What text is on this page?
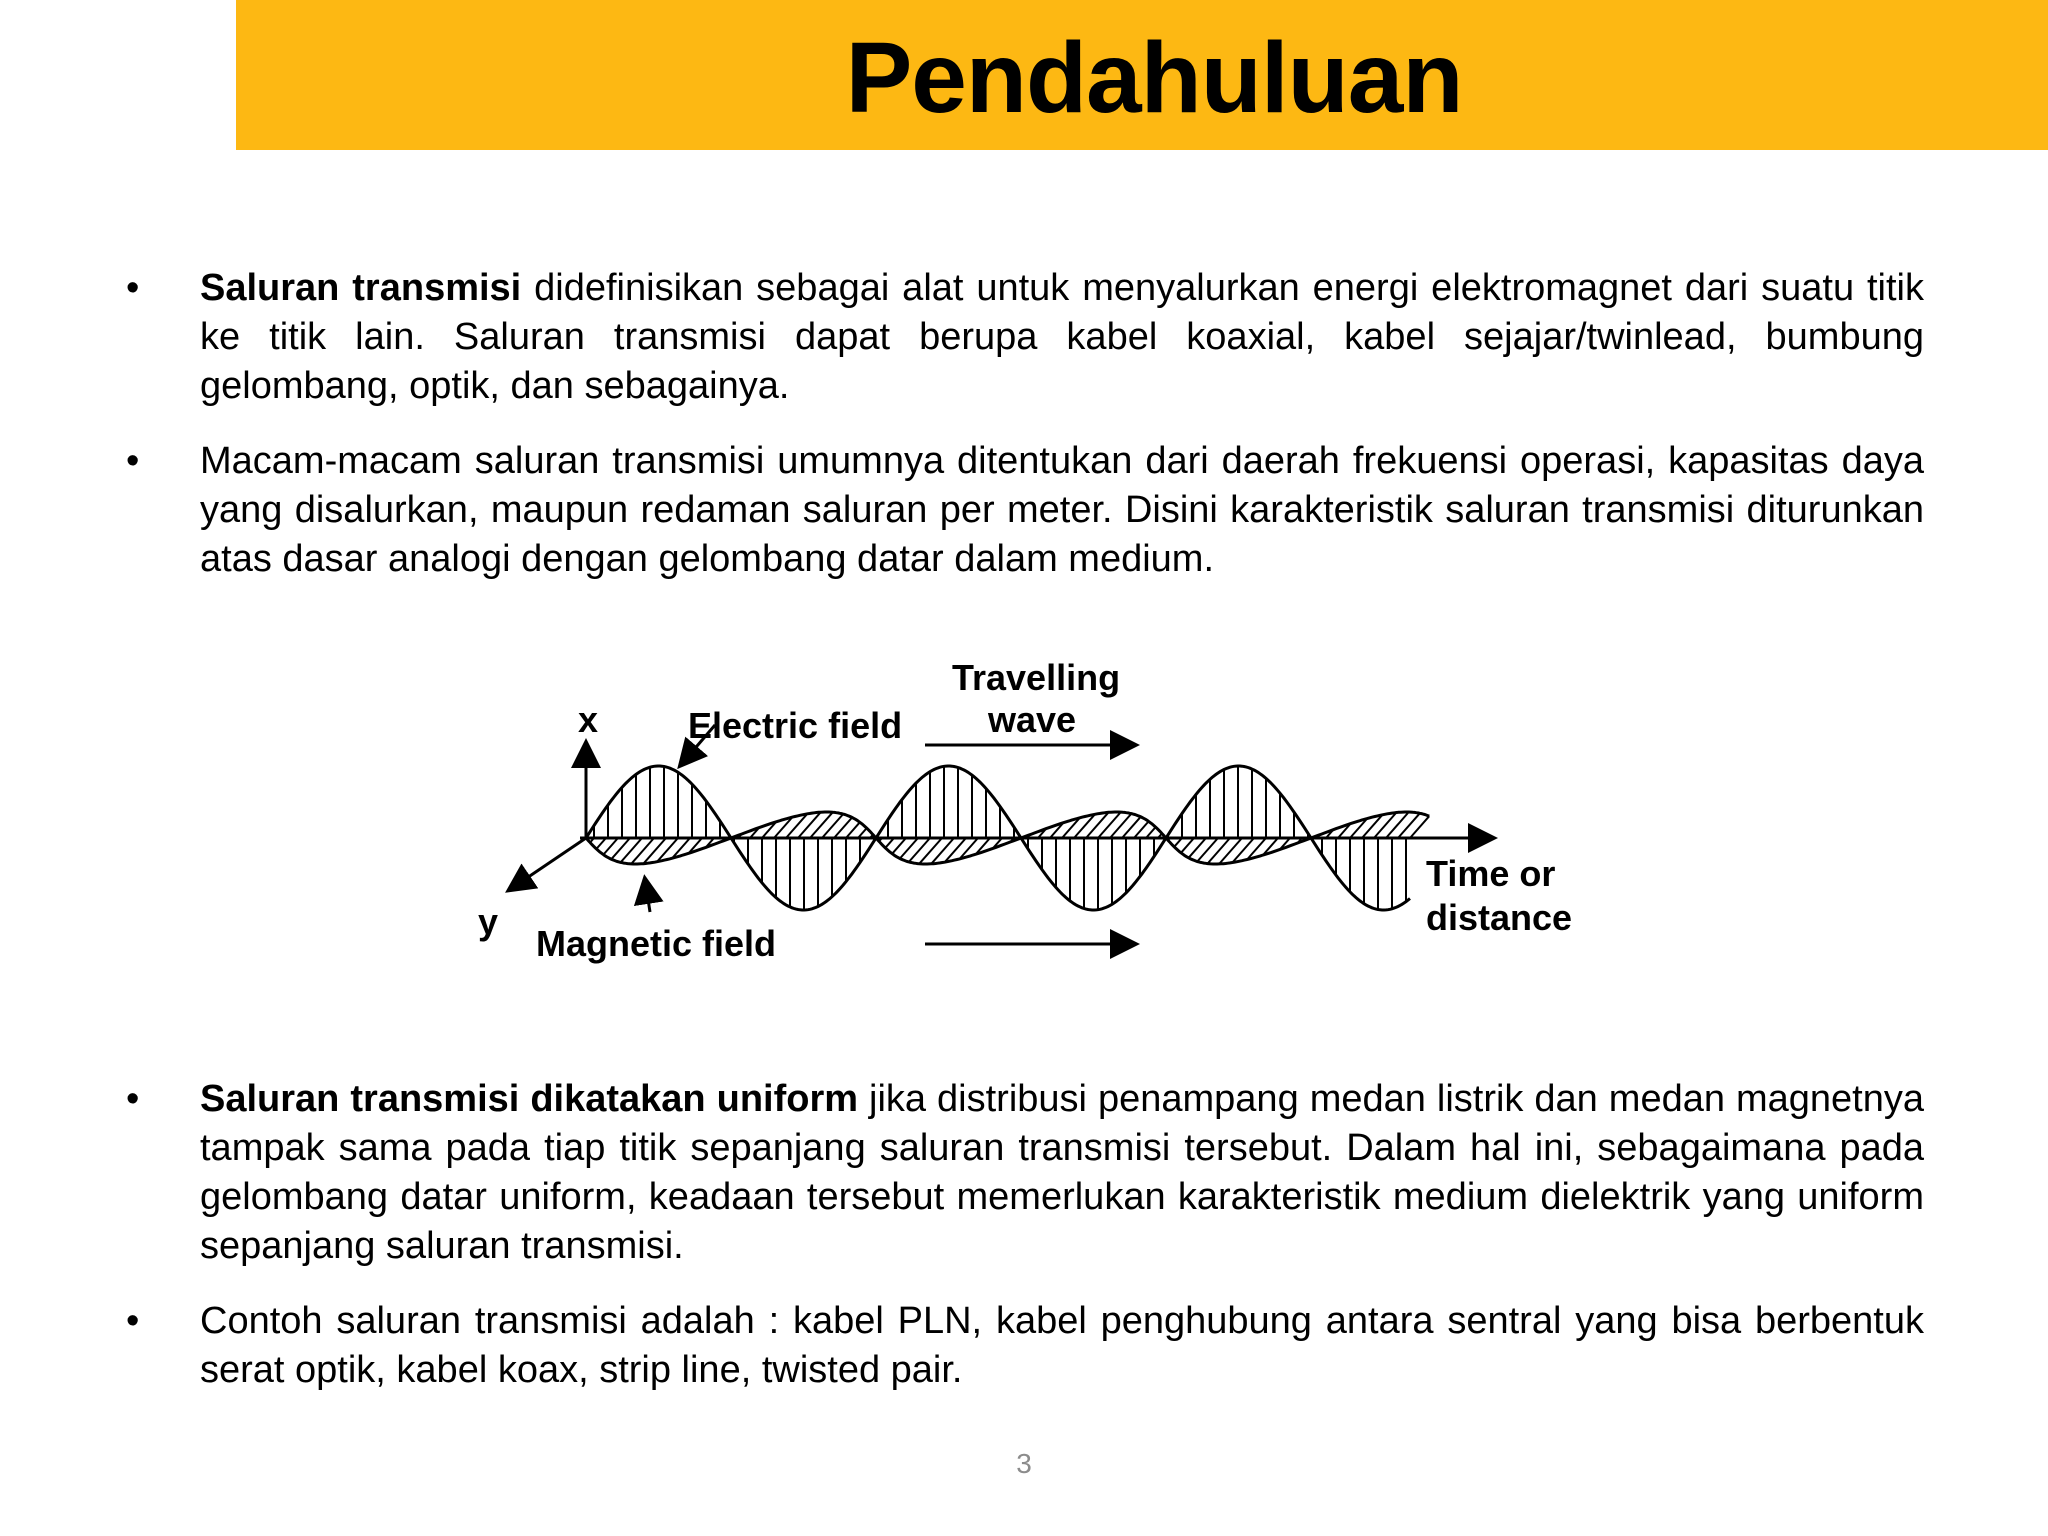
Pendahuluan
• Saluran transmisi didefinisikan sebagai alat untuk menyalurkan energi elektromagnet dari suatu titik ke titik lain. Saluran transmisi dapat berupa kabel koaxial, kabel sejajar/twinlead, bumbung gelombang, optik, dan sebagainya.
• Macam-macam saluran transmisi umumnya ditentukan dari daerah frekuensi operasi, kapasitas daya yang disalurkan, maupun redaman saluran per meter. Disini karakteristik saluran transmisi diturunkan atas dasar analogi dengan gelombang datar dalam medium.
x
y
Electric field
Magnetic field
Travelling
wave
Time or
distance
• Saluran transmisi dikatakan uniform jika distribusi penampang medan listrik dan medan magnetnya tampak sama pada tiap titik sepanjang saluran transmisi tersebut. Dalam hal ini, sebagaimana pada gelombang datar uniform, keadaan tersebut memerlukan karakteristik medium dielektrik yang uniform sepanjang saluran transmisi.
• Contoh saluran transmisi adalah : kabel PLN, kabel penghubung antara sentral yang bisa berbentuk serat optik, kabel koax, strip line, twisted pair.
3
